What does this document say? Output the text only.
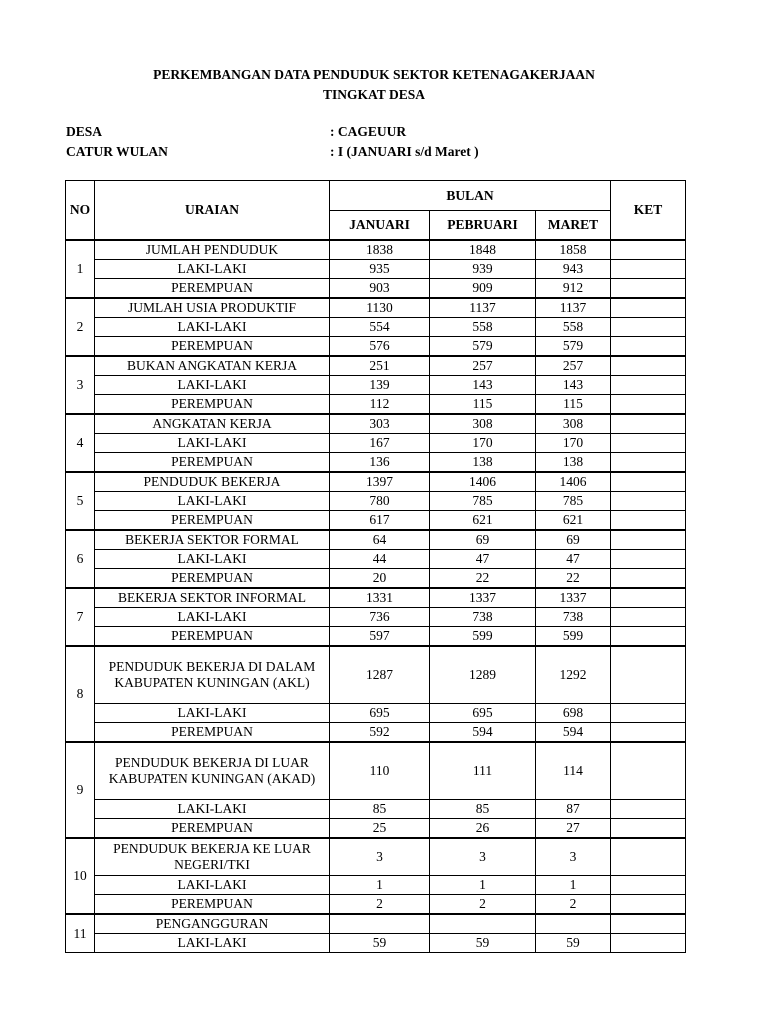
PERKEMBANGAN DATA PENDUDUK SEKTOR KETENAGAKERJAAN
TINGKAT DESA
DESA	: CAGEUUR
CATUR WULAN	: I (JANUARI s/d Maret )
NO	URAIAN	BULAN			KET
		JANUARI	PEBRUARI	MARET	
1	JUMLAH PENDUDUK	1838	1848	1858	
	LAKI-LAKI	935	939	943	
	PEREMPUAN	903	909	912	
2	JUMLAH USIA PRODUKTIF	1130	1137	1137	
	LAKI-LAKI	554	558	558	
	PEREMPUAN	576	579	579	
3	BUKAN ANGKATAN KERJA	251	257	257	
	LAKI-LAKI	139	143	143	
	PEREMPUAN	112	115	115	
4	ANGKATAN KERJA	303	308	308	
	LAKI-LAKI	167	170	170	
	PEREMPUAN	136	138	138	
5	PENDUDUK BEKERJA	1397	1406	1406	
	LAKI-LAKI	780	785	785	
	PEREMPUAN	617	621	621	
6	BEKERJA SEKTOR FORMAL	64	69	69	
	LAKI-LAKI	44	47	47	
	PEREMPUAN	20	22	22	
7	BEKERJA SEKTOR INFORMAL	1331	1337	1337	
	LAKI-LAKI	736	738	738	
	PEREMPUAN	597	599	599	
8	PENDUDUK BEKERJA DI DALAM KABUPATEN KUNINGAN (AKL)	1287	1289	1292	
	LAKI-LAKI	695	695	698	
	PEREMPUAN	592	594	594	
9	PENDUDUK BEKERJA DI LUAR KABUPATEN KUNINGAN (AKAD)	110	111	114	
	LAKI-LAKI	85	85	87	
	PEREMPUAN	25	26	27	
10	PENDUDUK BEKERJA KE LUAR NEGERI/TKI	3	3	3	
	LAKI-LAKI	1	1	1	
	PEREMPUAN	2	2	2	
11	PENGANGGURAN				
	LAKI-LAKI	59	59	59	
